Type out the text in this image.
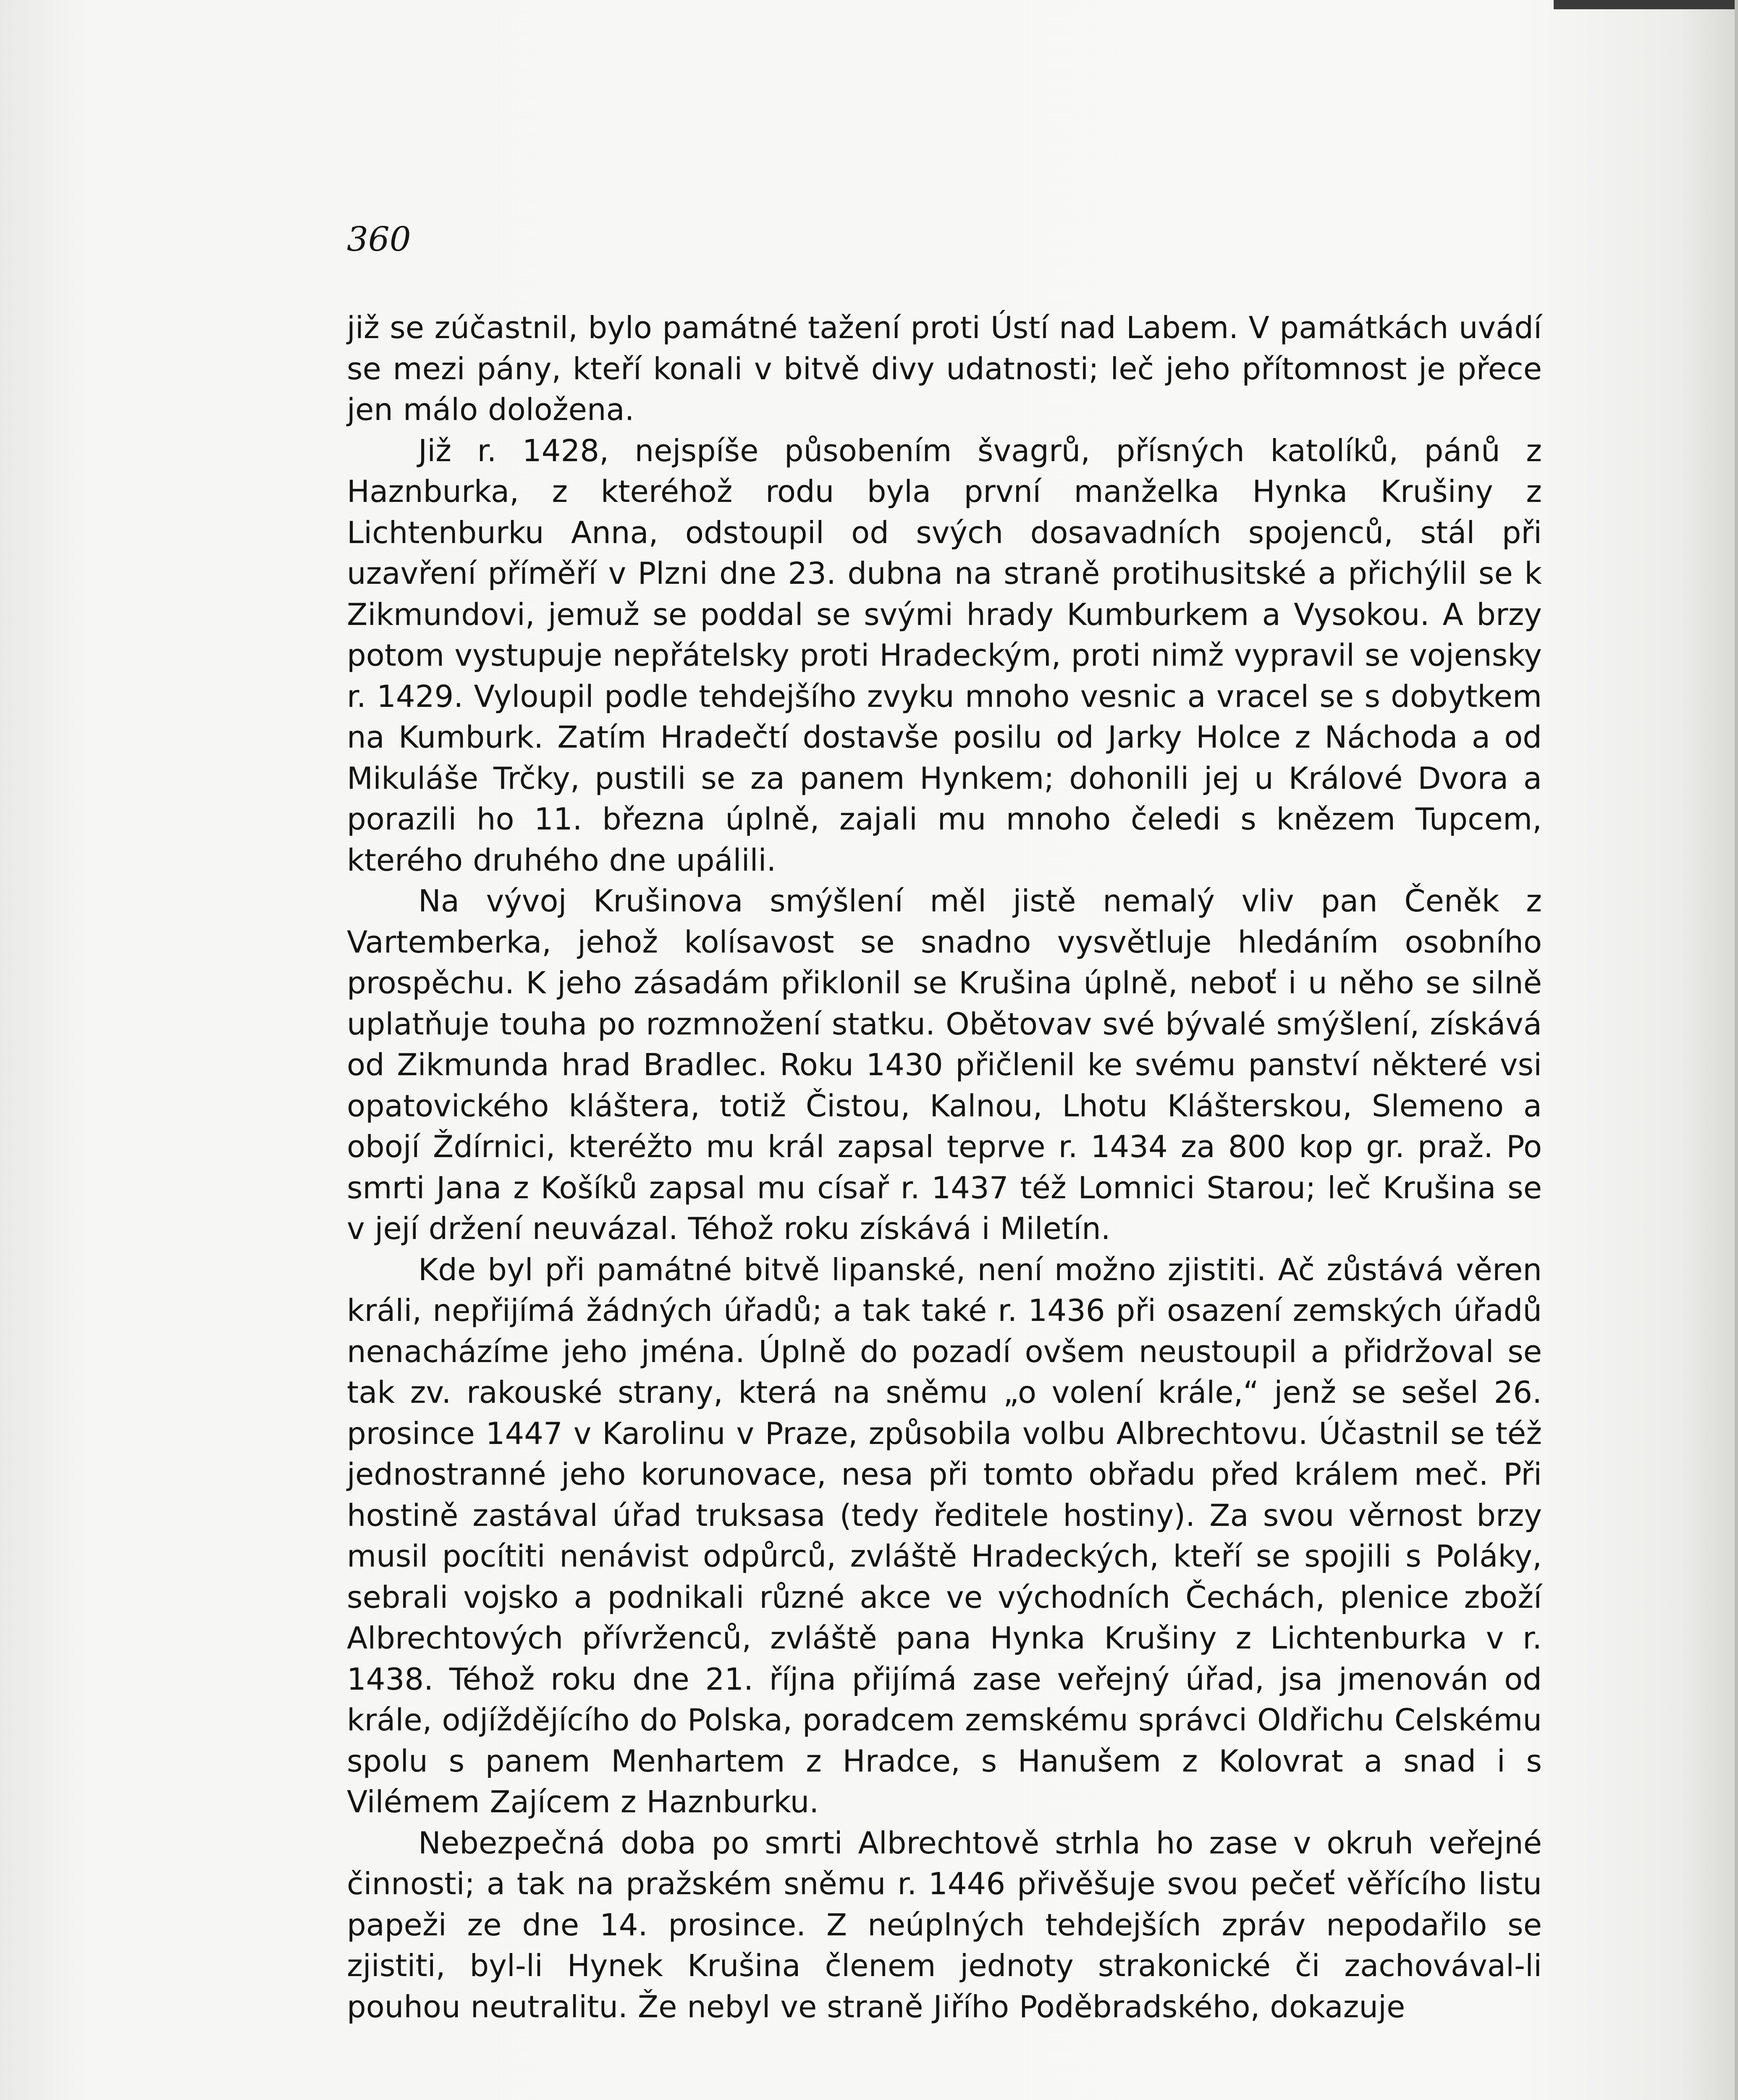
360

již se zúčastnil, bylo památné tažení proti Ústí nad Labem. V památkách uvádí se mezi pány, kteří konali v bitvě divy udatnosti; leč jeho přítomnost je přece jen málo doložena.

Již r. 1428, nejspíše působením švagrů, přísných katolíků, pánů z Haznburka, z kteréhož rodu byla první manželka Hynka Krušiny z Lichtenburku Anna, odstoupil od svých dosavadních spojenců, stál při uzavření příměří v Plzni dne 23. dubna na straně protihusitské a přichýlil se k Zikmundovi, jemuž se poddal se svými hrady Kumburkem a Vysokou. A brzy potom vystupuje nepřátelsky proti Hradeckým, proti nimž vypravil se vojensky r. 1429. Vyloupil podle tehdejšího zvyku mnoho vesnic a vracel se s dobytkem na Kumburk. Zatím Hradečtí dostavše posilu od Jarky Holce z Náchoda a od Mikuláše Trčky, pustili se za panem Hynkem; dohonili jej u Králové Dvora a porazili ho 11. března úplně, zajali mu mnoho čeledi s knězem Tupcem, kterého druhého dne upálili.

Na vývoj Krušinova smýšlení měl jistě nemalý vliv pan Čeněk z Vartemberka, jehož kolísavost se snadno vysvětluje hledáním osobního prospěchu. K jeho zásadám přiklonil se Krušina úplně, neboť i u něho se silně uplatňuje touha po rozmnožení statku. Obětovav své bývalé smýšlení, získává od Zikmunda hrad Bradlec. Roku 1430 přičlenil ke svému panství některé vsi opatovického kláštera, totiž Čistou, Kalnou, Lhotu Klášterskou, Slemeno a obojí Ždírnici, kteréžto mu král zapsal teprve r. 1434 za 800 kop gr. praž. Po smrti Jana z Košíků zapsal mu císař r. 1437 též Lomnici Starou; leč Krušina se v její držení neuvázal. Téhož roku získává i Miletín.

Kde byl při památné bitvě lipanské, není možno zjistiti. Ač zůstává věren králi, nepřijímá žádných úřadů; a tak také r. 1436 při osazení zemských úřadů nenacházíme jeho jména. Úplně do pozadí ovšem neustoupil a přidržoval se tak zv. rakouské strany, která na sněmu „o volení krále,“ jenž se sešel 26. prosince 1447 v Karolinu v Praze, způsobila volbu Albrechtovu. Účastnil se též jednostranné jeho korunovace, nesa při tomto obřadu před králem meč. Při hostině zastával úřad truksasa (tedy ředitele hostiny). Za svou věrnost brzy musil pocítiti nenávist odpůrců, zvláště Hradeckých, kteří se spojili s Poláky, sebrali vojsko a podnikali různé akce ve východních Čechách, plenice zboží Albrechtových přívrženců, zvláště pana Hynka Krušiny z Lichtenburka v r. 1438. Téhož roku dne 21. října přijímá zase veřejný úřad, jsa jmenován od krále, odjíždějícího do Polska, poradcem zemskému správci Oldřichu Celskému spolu s panem Menhartem z Hradce, s Hanušem z Kolovrat a snad i s Vilémem Zajícem z Haznburku.

Nebezpečná doba po smrti Albrechtově strhla ho zase v okruh veřejné činnosti; a tak na pražském sněmu r. 1446 přivěšuje svou pečeť věřícího listu papeži ze dne 14. prosince. Z neúplných tehdejších zpráv nepodařilo se zjistiti, byl-li Hynek Krušina členem jednoty strakonické či zachovával-li pouhou neutralitu. Že nebyl ve straně Jiřího Poděbradského, dokazuje
